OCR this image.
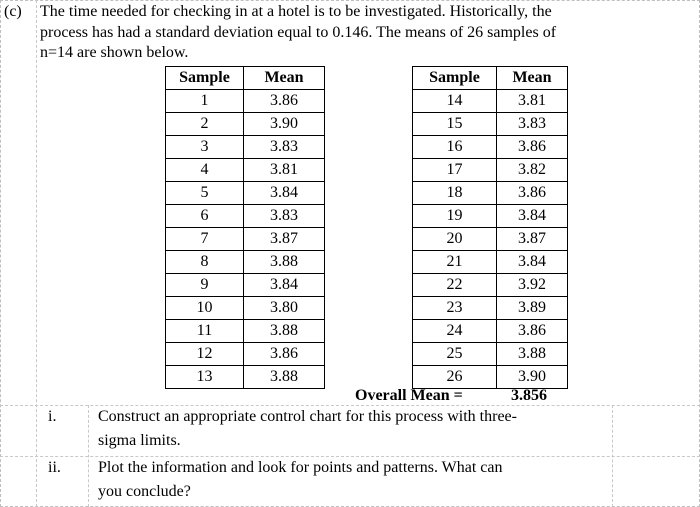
(c) The time needed for checking in at a hotel is to be investigated. Historically, the
process has had a standard deviation equal to 0.146. The means of 26 samples of
n=14 are shown below.
Sample	Mean
1	3.86
2	3.90
3	3.83
4	3.81
5	3.84
6	3.83
7	3.87
8	3.88
9	3.84
10	3.80
11	3.88
12	3.86
13	3.88
Sample	Mean
14	3.81
15	3.83
16	3.86
17	3.82
18	3.86
19	3.84
20	3.87
21	3.84
22	3.92
23	3.89
24	3.86
25	3.88
26	3.90
Overall Mean =	3.856
i.	Construct an appropriate control chart for this process with three-
sigma limits.
ii. Plot the information and look for points and patterns. What can
you conclude?
